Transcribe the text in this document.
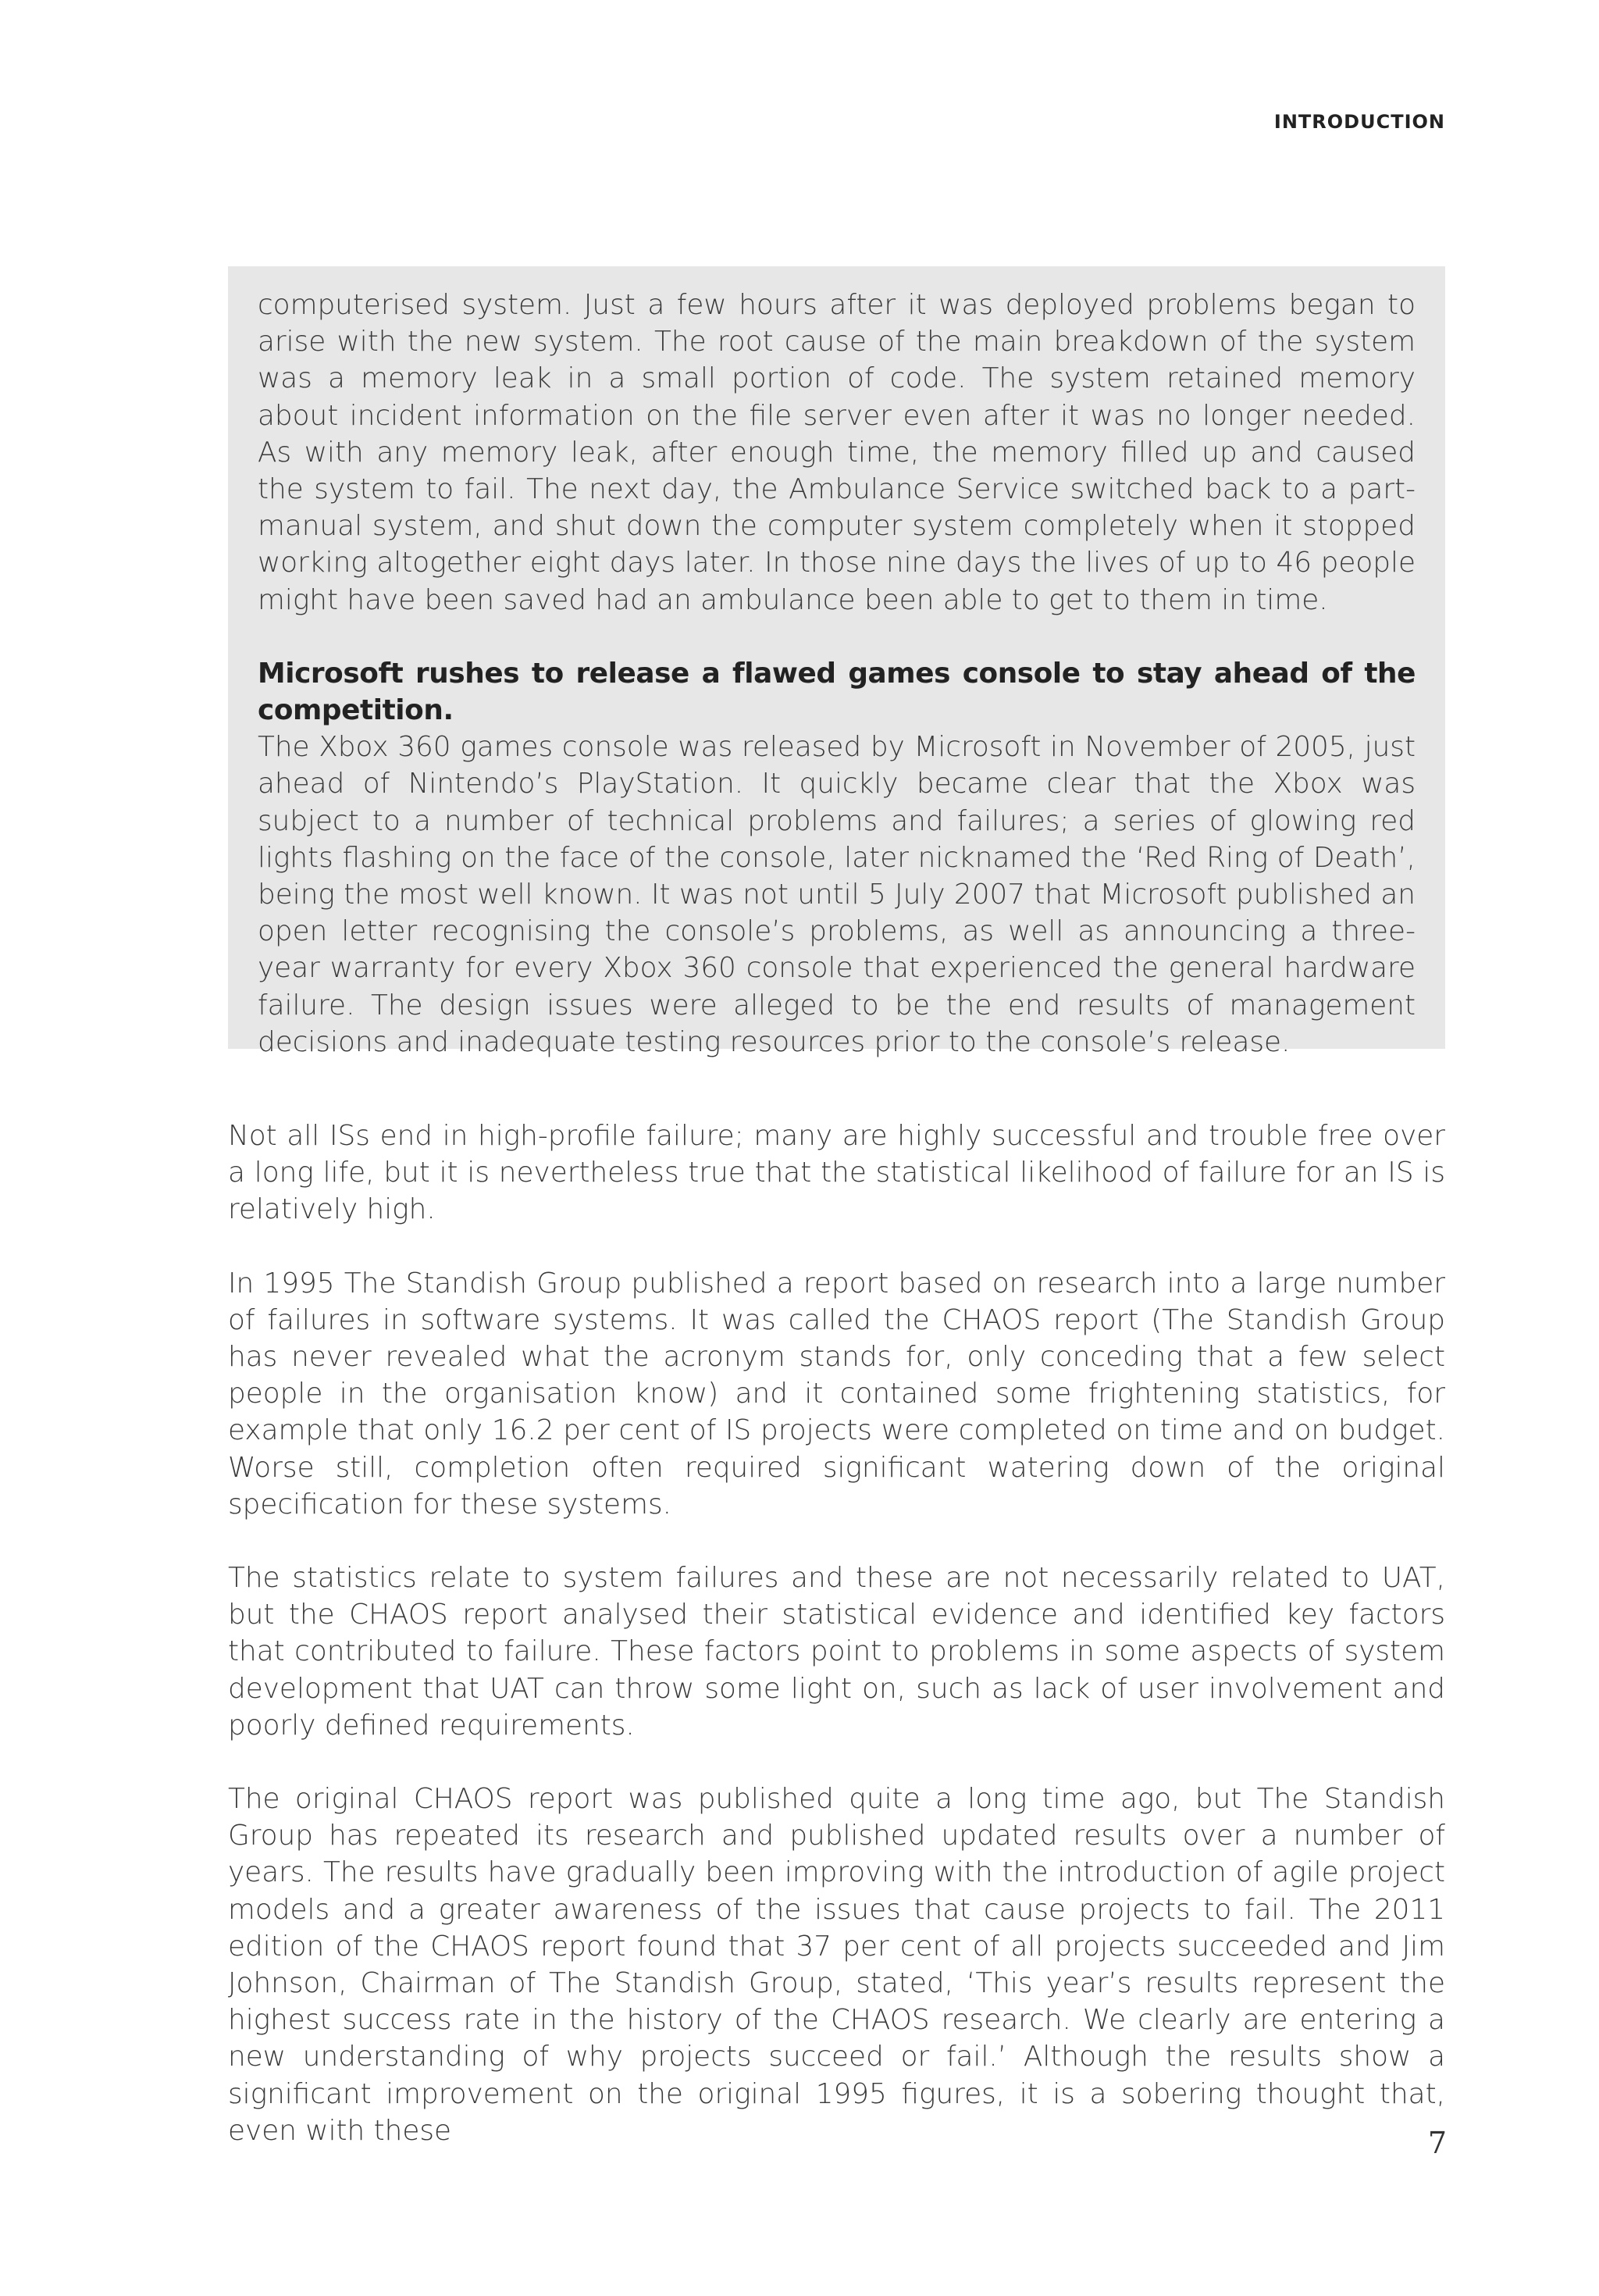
INTRODUCTION

computerised system. Just a few hours after it was deployed problems began to arise with the new system. The root cause of the main breakdown of the system was a memory leak in a small portion of code. The system retained memory about incident information on the file server even after it was no longer needed. As with any memory leak, after enough time, the memory filled up and caused the system to fail. The next day, the Ambulance Service switched back to a part-manual system, and shut down the computer system completely when it stopped working altogether eight days later. In those nine days the lives of up to 46 people might have been saved had an ambulance been able to get to them in time.

Microsoft rushes to release a flawed games console to stay ahead of the competition.
The Xbox 360 games console was released by Microsoft in November of 2005, just ahead of Nintendo’s PlayStation. It quickly became clear that the Xbox was subject to a number of technical problems and failures; a series of glowing red lights flashing on the face of the console, later nicknamed the ‘Red Ring of Death’, being the most well known. It was not until 5 July 2007 that Microsoft published an open letter recognising the console’s problems, as well as announcing a three-year warranty for every Xbox 360 console that experienced the general hardware failure. The design issues were alleged to be the end results of management decisions and inadequate testing resources prior to the console’s release.

Not all ISs end in high-profile failure; many are highly successful and trouble free over a long life, but it is nevertheless true that the statistical likelihood of failure for an IS is relatively high.

In 1995 The Standish Group published a report based on research into a large number of failures in software systems. It was called the CHAOS report (The Standish Group has never revealed what the acronym stands for, only conceding that a few select people in the organisation know) and it contained some frightening statistics, for example that only 16.2 per cent of IS projects were completed on time and on budget. Worse still, completion often required significant watering down of the original specification for these systems.

The statistics relate to system failures and these are not necessarily related to UAT, but the CHAOS report analysed their statistical evidence and identified key factors that contributed to failure. These factors point to problems in some aspects of system development that UAT can throw some light on, such as lack of user involvement and poorly defined requirements.

The original CHAOS report was published quite a long time ago, but The Standish Group has repeated its research and published updated results over a number of years. The results have gradually been improving with the introduction of agile project models and a greater awareness of the issues that cause projects to fail. The 2011 edition of the CHAOS report found that 37 per cent of all projects succeeded and Jim Johnson, Chairman of The Standish Group, stated, ‘This year’s results represent the highest success rate in the history of the CHAOS research. We clearly are entering a new understanding of why projects succeed or fail.’ Although the results show a significant improvement on the original 1995 figures, it is a sobering thought that, even with these	7
